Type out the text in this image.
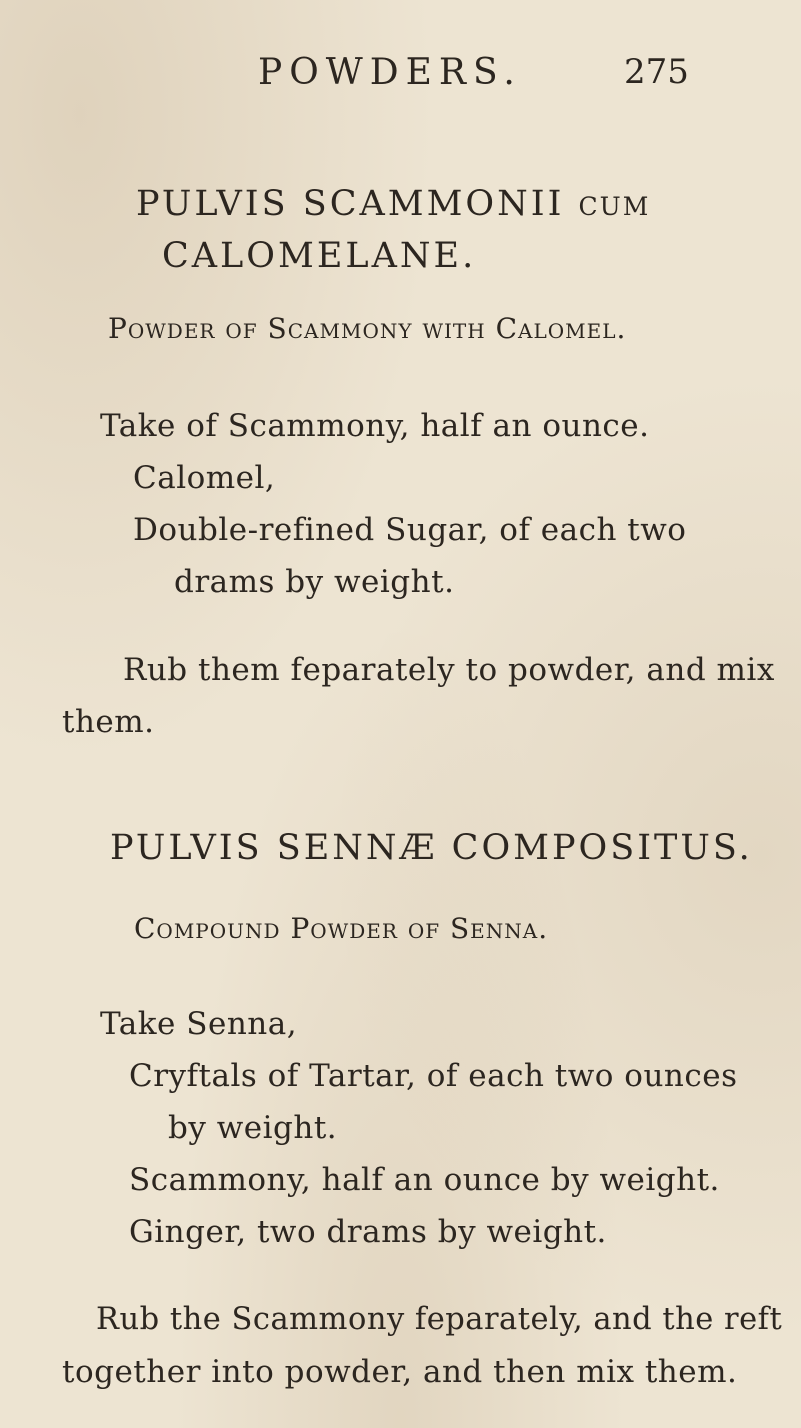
POWDERS.	275
PULVIS SCAMMONII CUM
CALOMELANE.
Powder of Scammony with Calomel.
Take of Scammony, half an ounce.
Calomel,
Double-refined Sugar, of each two
drams by weight.
Rub them feparately to powder, and mix
them.
PULVIS SENNÆ COMPOSITUS.
Compound Powder of Senna.
Take Senna,
Cryftals of Tartar, of each two ounces
by weight.
Scammony, half an ounce by weight.
Ginger, two drams by weight.
Rub the Scammony feparately, and the reft
together into powder, and then mix them.
